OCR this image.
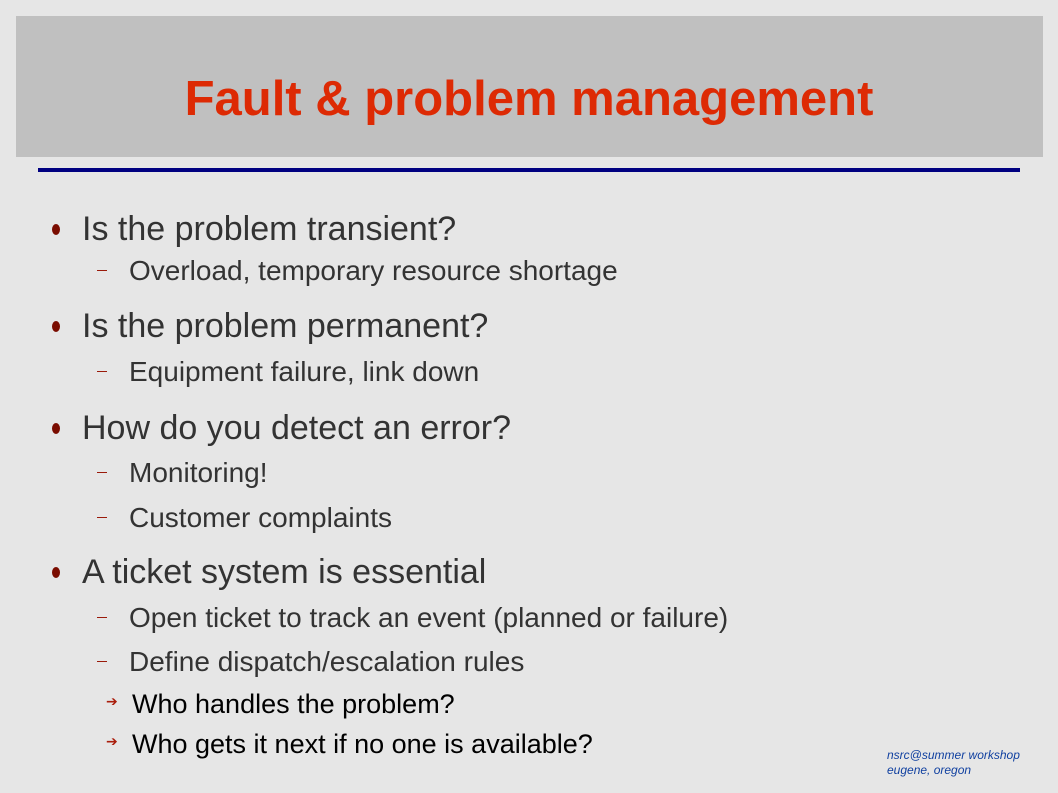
Fault & problem management
Is the problem transient?
Overload, temporary resource shortage
Is the problem permanent?
Equipment failure, link down
How do you detect an error?
Monitoring!
Customer complaints
A ticket system is essential
Open ticket to track an event (planned or failure)
Define dispatch/escalation rules
➔ Who handles the problem?
➔ Who gets it next if no one is available?	nsrc@summer workshop
eugene, oregon
